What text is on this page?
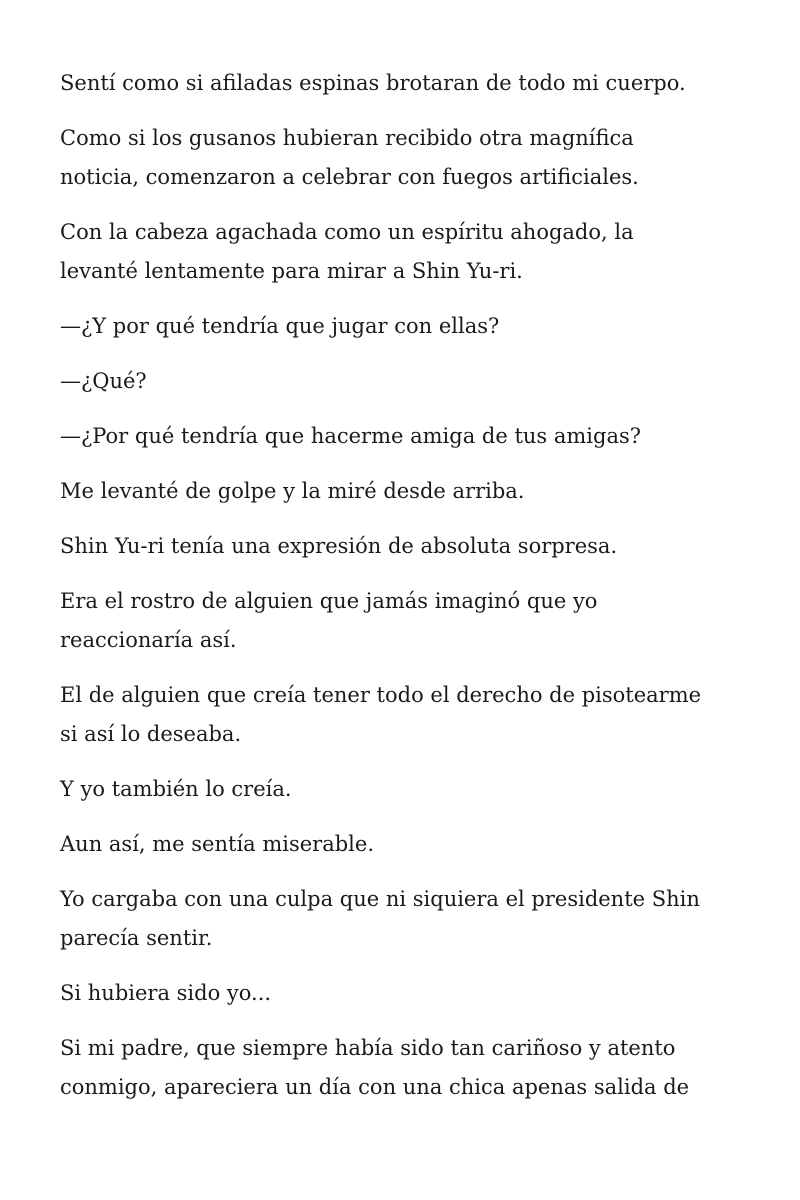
Sentí como si afiladas espinas brotaran de todo mi cuerpo.

Como si los gusanos hubieran recibido otra magnífica
noticia, comenzaron a celebrar con fuegos artificiales.

Con la cabeza agachada como un espíritu ahogado, la
levanté lentamente para mirar a Shin Yu-ri.

—¿Y por qué tendría que jugar con ellas?

—¿Qué?

—¿Por qué tendría que hacerme amiga de tus amigas?

Me levanté de golpe y la miré desde arriba.

Shin Yu-ri tenía una expresión de absoluta sorpresa.

Era el rostro de alguien que jamás imaginó que yo
reaccionaría así.

El de alguien que creía tener todo el derecho de pisotearme
si así lo deseaba.

Y yo también lo creía.

Aun así, me sentía miserable.

Yo cargaba con una culpa que ni siquiera el presidente Shin
parecía sentir.

Si hubiera sido yo...

Si mi padre, que siempre había sido tan cariñoso y atento
conmigo, apareciera un día con una chica apenas salida de
